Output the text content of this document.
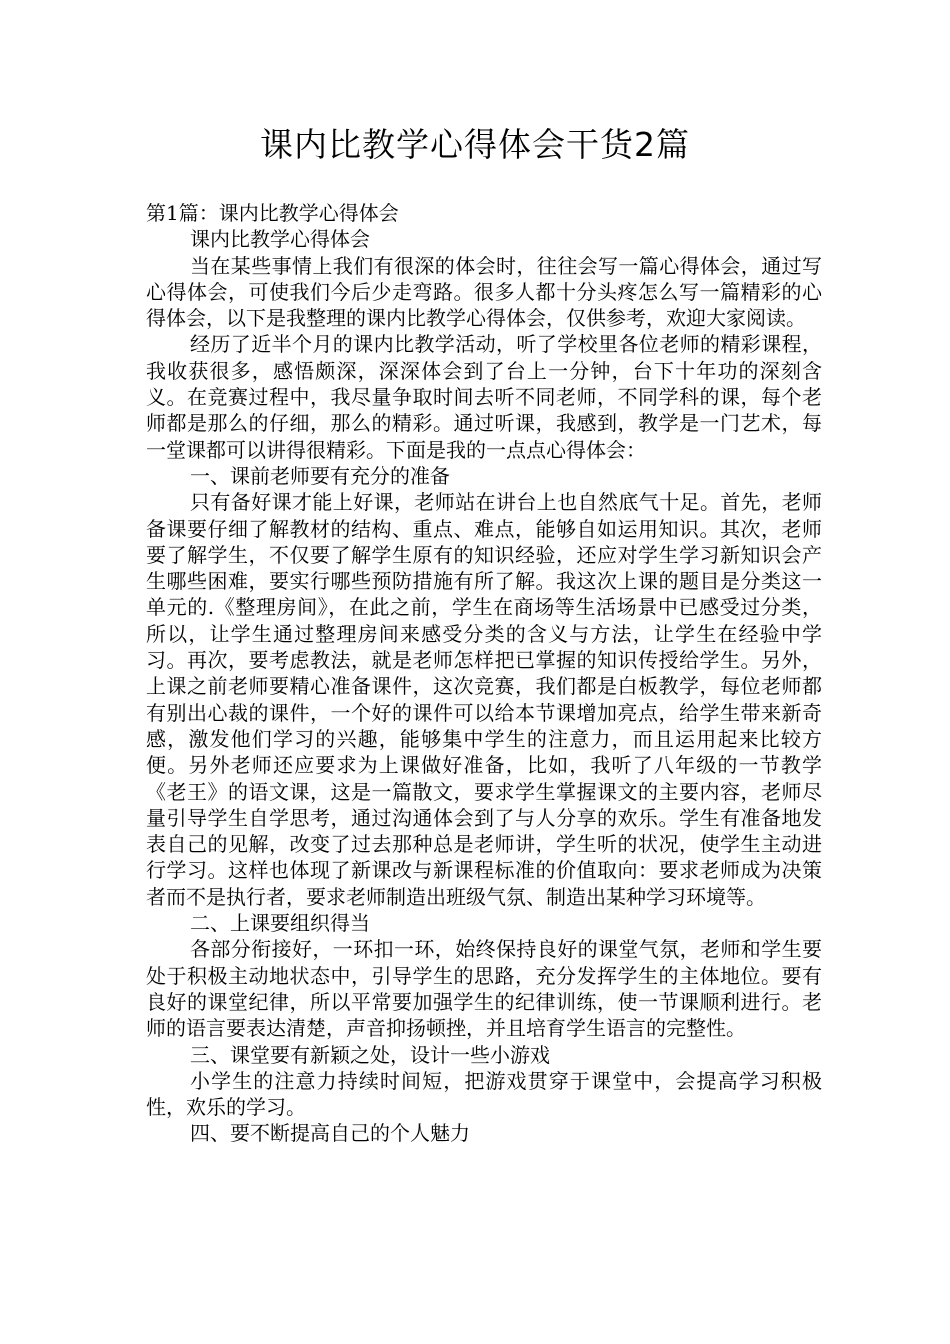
课内比教学心得体会干货2篇

第1篇：课内比教学心得体会

课内比教学心得体会

当在某些事情上我们有很深的体会时，往往会写一篇心得体会，通过写心得体会，可使我们今后少走弯路。很多人都十分头疼怎么写一篇精彩的心得体会，以下是我整理的课内比教学心得体会，仅供参考，欢迎大家阅读。

经历了近半个月的课内比教学活动，听了学校里各位老师的精彩课程，我收获很多，感悟颇深，深深体会到了台上一分钟，台下十年功的深刻含义。在竞赛过程中，我尽量争取时间去听不同老师，不同学科的课，每个老师都是那么的仔细，那么的精彩。通过听课，我感到，教学是一门艺术，每一堂课都可以讲得很精彩。下面是我的一点点心得体会：

一、课前老师要有充分的准备

只有备好课才能上好课，老师站在讲台上也自然底气十足。首先，老师备课要仔细了解教材的结构、重点、难点，能够自如运用知识。其次，老师要了解学生，不仅要了解学生原有的知识经验，还应对学生学习新知识会产生哪些困难，要实行哪些预防措施有所了解。我这次上课的题目是分类这一单元的.《整理房间》，在此之前，学生在商场等生活场景中已感受过分类，所以，让学生通过整理房间来感受分类的含义与方法，让学生在经验中学习。再次，要考虑教法，就是老师怎样把已掌握的知识传授给学生。另外，上课之前老师要精心准备课件，这次竞赛，我们都是白板教学，每位老师都有别出心裁的课件，一个好的课件可以给本节课增加亮点，给学生带来新奇感，激发他们学习的兴趣，能够集中学生的注意力，而且运用起来比较方便。另外老师还应要求为上课做好准备，比如，我听了八年级的一节教学《老王》的语文课，这是一篇散文，要求学生掌握课文的主要内容，老师尽量引导学生自学思考，通过沟通体会到了与人分享的欢乐。学生有准备地发表自己的见解，改变了过去那种总是老师讲，学生听的状况，使学生主动进行学习。这样也体现了新课改与新课程标准的价值取向：要求老师成为决策者而不是执行者，要求老师制造出班级气氛、制造出某种学习环境等。

二、上课要组织得当

各部分衔接好，一环扣一环，始终保持良好的课堂气氛，老师和学生要处于积极主动地状态中，引导学生的思路，充分发挥学生的主体地位。要有良好的课堂纪律，所以平常要加强学生的纪律训练，使一节课顺利进行。老师的语言要表达清楚，声音抑扬顿挫，并且培育学生语言的完整性。

三、课堂要有新颖之处，设计一些小游戏

小学生的注意力持续时间短，把游戏贯穿于课堂中，会提高学习积极性，欢乐的学习。

四、要不断提高自己的个人魅力
